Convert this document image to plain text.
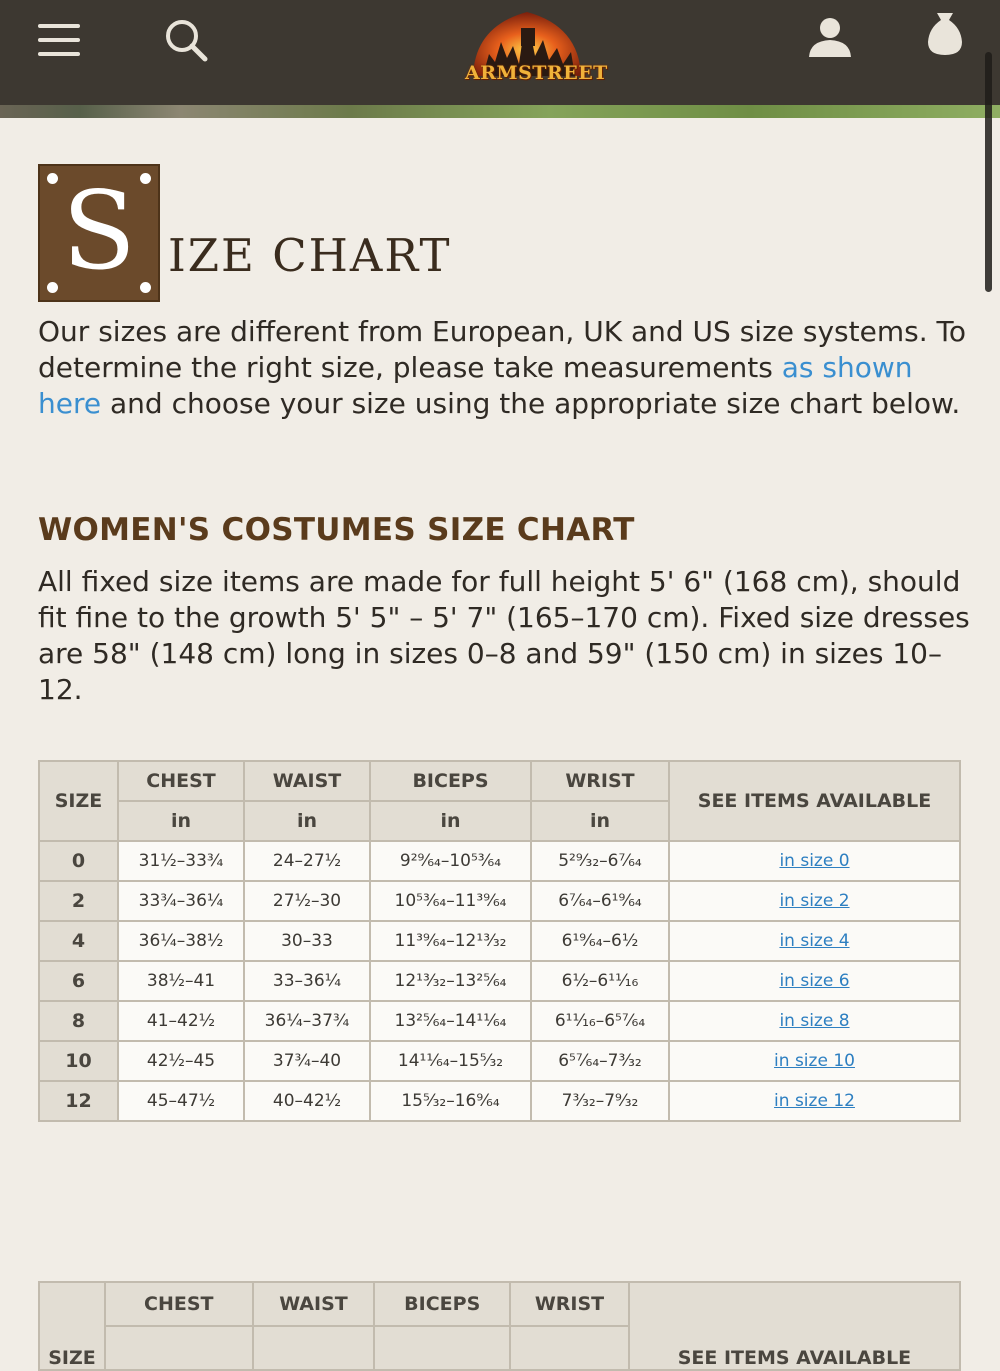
ARMSTREET
S IZE CHART
Our sizes are different from European, UK and US size systems. To determine the right size, please take measurements as shown here and choose your size using the appropriate size chart below.
WOMEN'S COSTUMES SIZE CHART
All fixed size items are made for full height 5' 6" (168 cm), should fit fine to the growth 5' 5" – 5' 7" (165–170 cm). Fixed size dresses are 58" (148 cm) long in sizes 0–8 and 59" (150 cm) in sizes 10–12.
SIZE	CHEST	WAIST	BICEPS	WRIST	SEE ITEMS AVAILABLE
	in	in	in	in	
0	31½–33¾	24–27½	9²⁹⁄₆₄–10⁵³⁄₆₄	5²⁹⁄₃₂–6⁷⁄₆₄	in size 0
2	33¾–36¼	27½–30	10⁵³⁄₆₄–11³⁹⁄₆₄	6⁷⁄₆₄–6¹⁹⁄₆₄	in size 2
4	36¼–38½	30–33	11³⁹⁄₆₄–12¹³⁄₃₂	6¹⁹⁄₆₄–6½	in size 4
6	38½–41	33–36¼	12¹³⁄₃₂–13²⁵⁄₆₄	6½–6¹¹⁄₁₆	in size 6
8	41–42½	36¼–37¾	13²⁵⁄₆₄–14¹¹⁄₆₄	6¹¹⁄₁₆–6⁵⁷⁄₆₄	in size 8
10	42½–45	37¾–40	14¹¹⁄₆₄–15⁵⁄₃₂	6⁵⁷⁄₆₄–7³⁄₃₂	in size 10
12	45–47½	40–42½	15⁵⁄₃₂–16⁹⁄₆₄	7³⁄₃₂–7⁹⁄₃₂	in size 12
SIZE	CHEST	WAIST	BICEPS	WRIST	SEE ITEMS AVAILABLE
